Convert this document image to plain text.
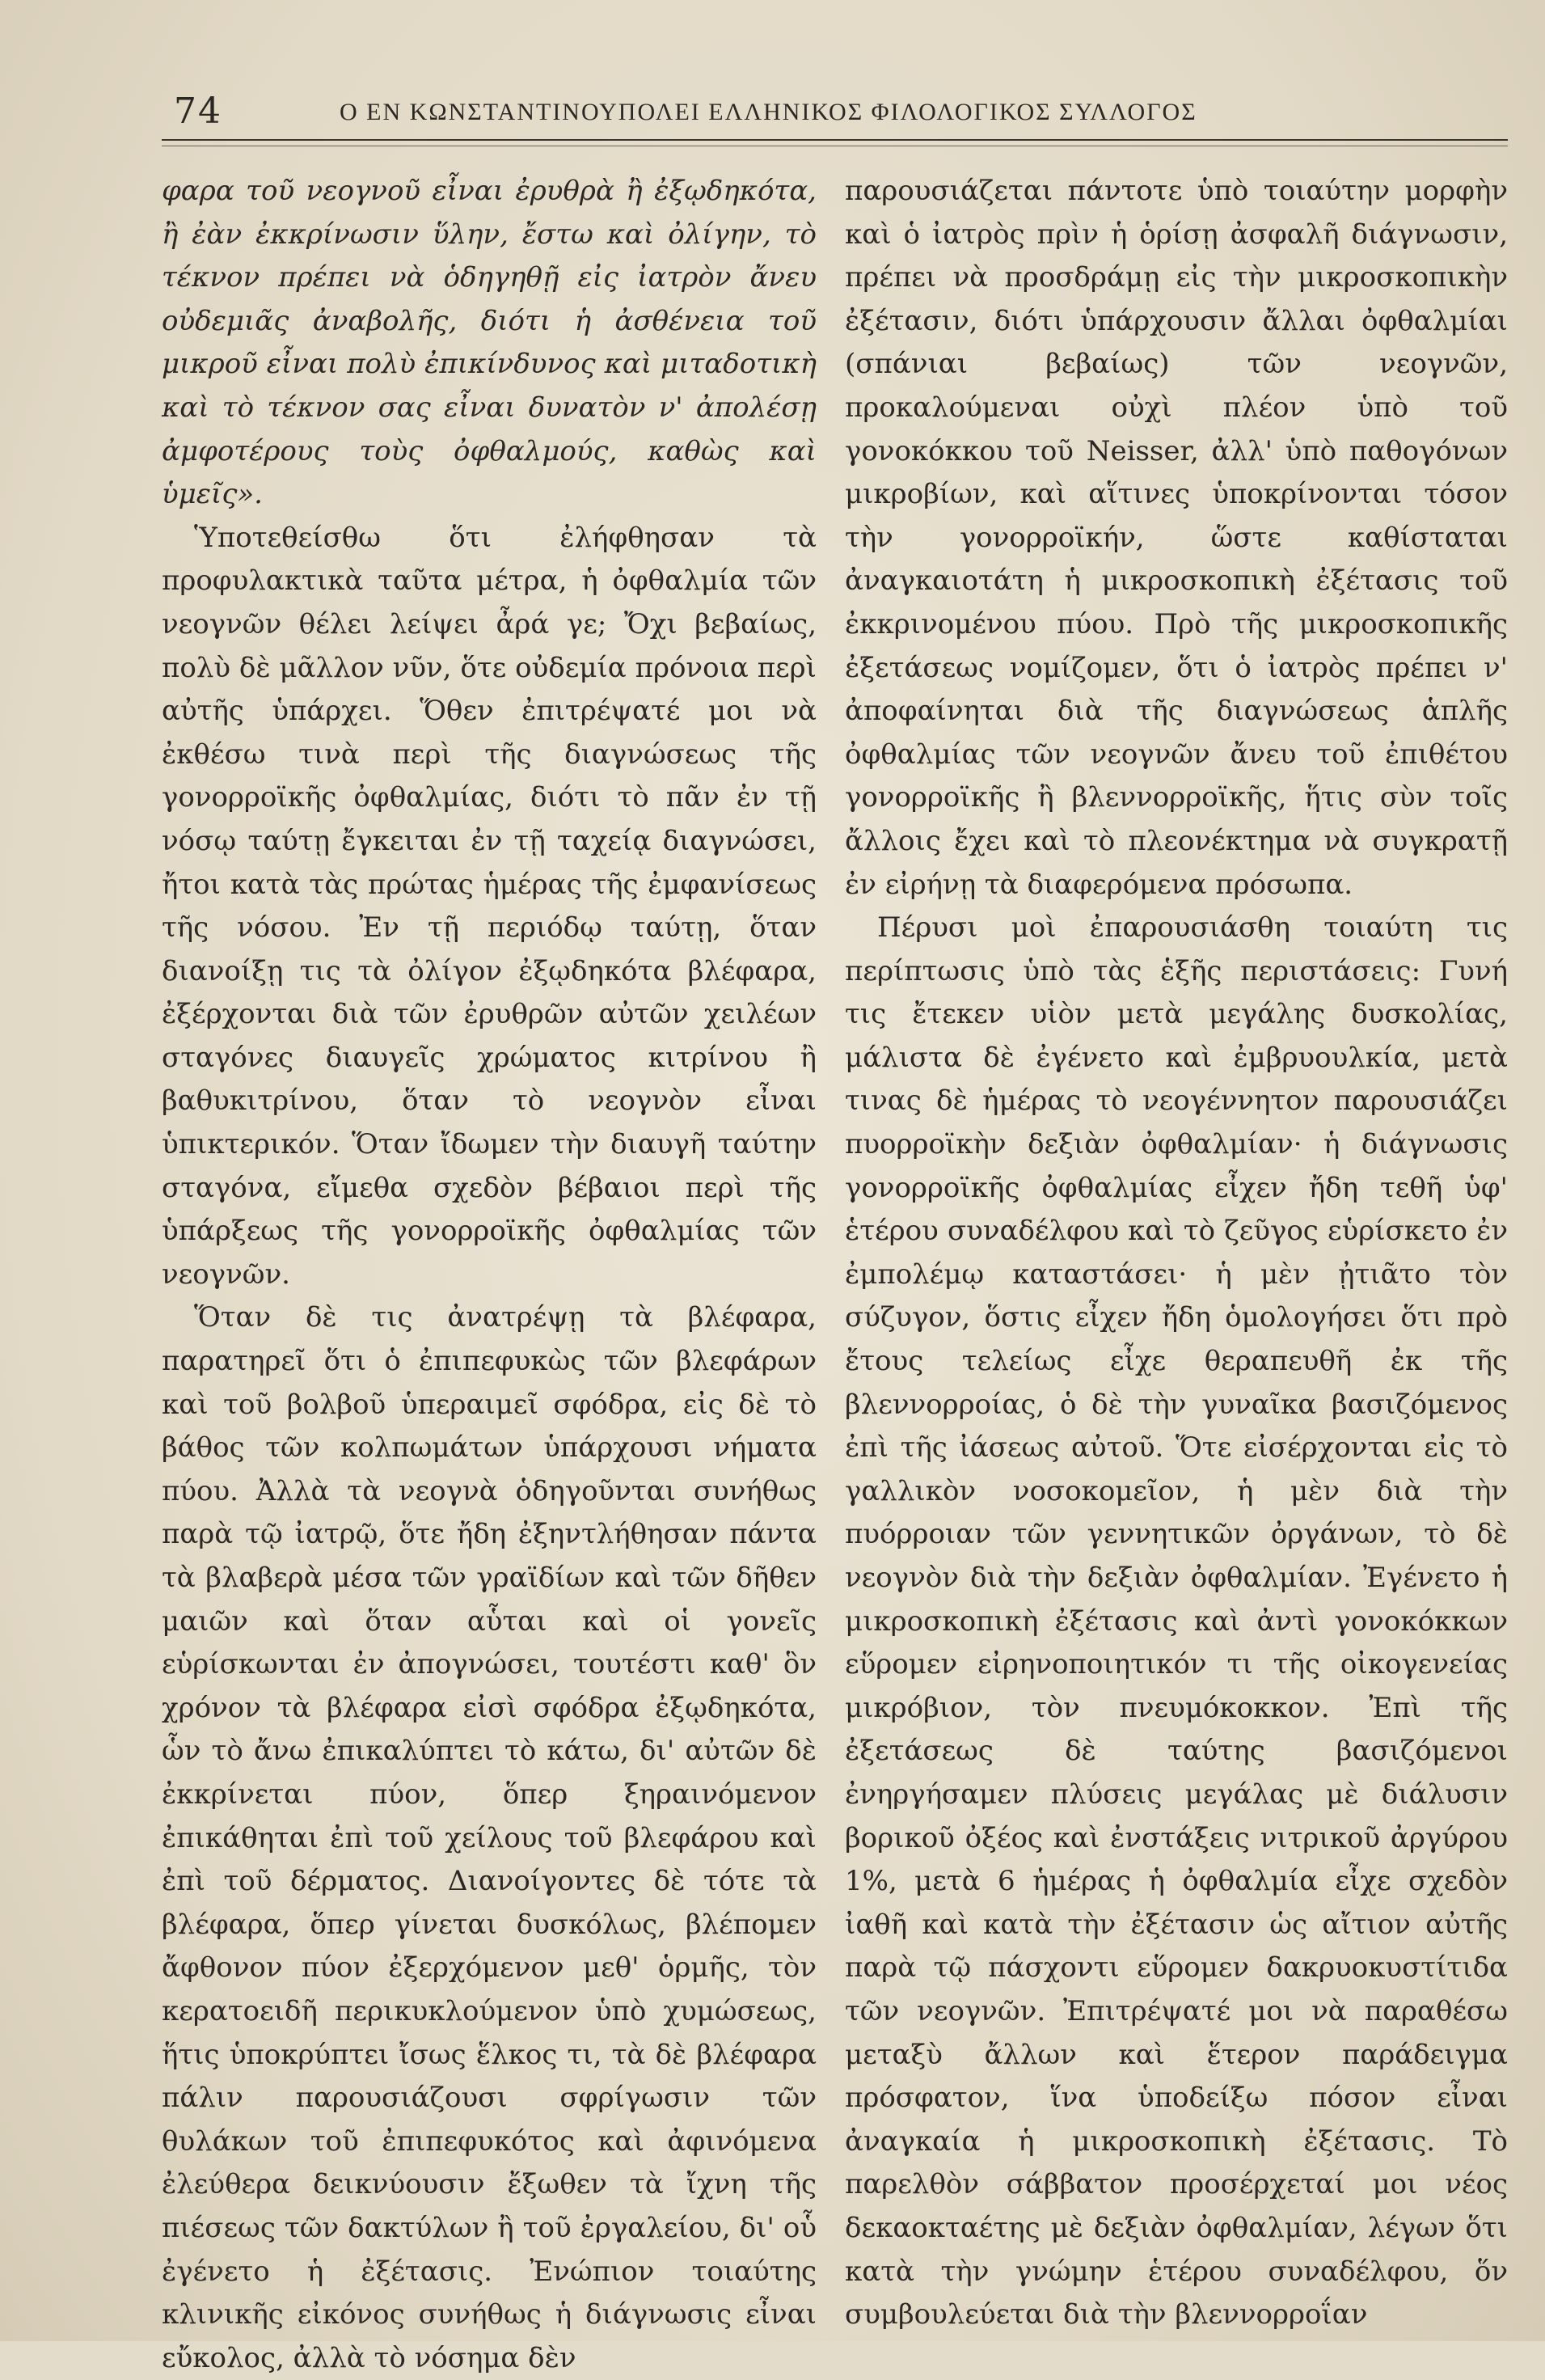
74	Ο ΕΝ ΚΩΝΣΤΑΝΤΙΝΟΥΠΟΛΕΙ ΕΛΛΗΝΙΚΟΣ ΦΙΛΟΛΟΓΙΚΟΣ ΣΥΛΛΟΓΟΣ

φαρα τοῦ νεογνοῦ εἶναι ἐρυθρὰ ἢ ἐξῳδηκότα, ἢ ἐὰν ἐκκρίνωσιν ὕλην, ἔστω καὶ ὀλίγην, τὸ τέκνον πρέπει νὰ ὁδηγηθῇ εἰς ἰατρὸν ἄνευ οὐδεμιᾶς ἀναβολῆς, διότι ἡ ἀσθένεια τοῦ μικροῦ εἶναι πολὺ ἐπικίνδυνος καὶ μιταδοτικὴ καὶ τὸ τέκνον σας εἶναι δυνατὸν ν' ἀπολέσῃ ἀμφοτέρους τοὺς ὀφθαλμούς, καθὼς καὶ ὑμεῖς».

Ὑποτεθείσθω ὅτι ἐλήφθησαν τὰ προφυλακτικὰ ταῦτα μέτρα, ἡ ὀφθαλμία τῶν νεογνῶν θέλει λείψει ἆρά γε; Ὄχι βεβαίως, πολὺ δὲ μᾶλλον νῦν, ὅτε οὐδεμία πρόνοια περὶ αὐτῆς ὑπάρχει. Ὅθεν ἐπιτρέψατέ μοι νὰ ἐκθέσω τινὰ περὶ τῆς διαγνώσεως τῆς γονορροϊκῆς ὀφθαλμίας, διότι τὸ πᾶν ἐν τῇ νόσῳ ταύτῃ ἔγκειται ἐν τῇ ταχείᾳ διαγνώσει, ἤτοι κατὰ τὰς πρώτας ἡμέρας τῆς ἐμφανίσεως τῆς νόσου. Ἐν τῇ περιόδῳ ταύτῃ, ὅταν διανοίξῃ τις τὰ ὀλίγον ἐξῳδηκότα βλέφαρα, ἐξέρχονται διὰ τῶν ἐρυθρῶν αὐτῶν χειλέων σταγόνες διαυγεῖς χρώματος κιτρίνου ἢ βαθυκιτρίνου, ὅταν τὸ νεογνὸν εἶναι ὑπικτερικόν. Ὅταν ἴδωμεν τὴν διαυγῆ ταύτην σταγόνα, εἴμεθα σχεδὸν βέβαιοι περὶ τῆς ὑπάρξεως τῆς γονορροϊκῆς ὀφθαλμίας τῶν νεογνῶν.

Ὅταν δὲ τις ἀνατρέψῃ τὰ βλέφαρα, παρατηρεῖ ὅτι ὁ ἐπιπεφυκὼς τῶν βλεφάρων καὶ τοῦ βολβοῦ ὑπεραιμεῖ σφόδρα, εἰς δὲ τὸ βάθος τῶν κολπωμάτων ὑπάρχουσι νήματα πύου. Ἀλλὰ τὰ νεογνὰ ὁδηγοῦνται συνήθως παρὰ τῷ ἰατρῷ, ὅτε ἤδη ἐξηντλήθησαν πάντα τὰ βλαβερὰ μέσα τῶν γραϊδίων καὶ τῶν δῆθεν μαιῶν καὶ ὅταν αὗται καὶ οἱ γονεῖς εὑρίσκωνται ἐν ἀπογνώσει, τουτέστι καθ' ὃν χρόνον τὰ βλέφαρα εἰσὶ σφόδρα ἐξῳδηκότα, ὧν τὸ ἄνω ἐπικαλύπτει τὸ κάτω, δι' αὐτῶν δὲ ἐκκρίνεται πύον, ὅπερ ξηραινόμενον ἐπικάθηται ἐπὶ τοῦ χείλους τοῦ βλεφάρου καὶ ἐπὶ τοῦ δέρματος. Διανοίγοντες δὲ τότε τὰ βλέφαρα, ὅπερ γίνεται δυσκόλως, βλέπομεν ἄφθονον πύον ἐξερχόμενον μεθ' ὁρμῆς, τὸν κερατοειδῆ περικυκλούμενον ὑπὸ χυμώσεως, ἥτις ὑποκρύπτει ἴσως ἕλκος τι, τὰ δὲ βλέφαρα πάλιν παρουσιάζουσι σφρίγωσιν τῶν θυλάκων τοῦ ἐπιπεφυκότος καὶ ἀφινόμενα ἐλεύθερα δεικνύουσιν ἔξωθεν τὰ ἴχνη τῆς πιέσεως τῶν δακτύλων ἢ τοῦ ἐργαλείου, δι' οὗ ἐγένετο ἡ ἐξέτασις. Ἐνώπιον τοιαύτης κλινικῆς εἰκόνος συνήθως ἡ διάγνωσις εἶναι εὔκολος, ἀλλὰ τὸ νόσημα δὲν

παρουσιάζεται πάντοτε ὑπὸ τοιαύτην μορφὴν καὶ ὁ ἰατρὸς πρὶν ἡ ὁρίσῃ ἀσφαλῆ διάγνωσιν, πρέπει νὰ προσδράμῃ εἰς τὴν μικροσκοπικὴν ἐξέτασιν, διότι ὑπάρχουσιν ἄλλαι ὀφθαλμίαι (σπάνιαι βεβαίως) τῶν νεογνῶν, προκαλούμεναι οὐχὶ πλέον ὑπὸ τοῦ γονοκόκκου τοῦ Neisser, ἀλλ' ὑπὸ παθογόνων μικροβίων, καὶ αἵτινες ὑποκρίνονται τόσον τὴν γονορροϊκήν, ὥστε καθίσταται ἀναγκαιοτάτη ἡ μικροσκοπικὴ ἐξέτασις τοῦ ἐκκρινομένου πύου. Πρὸ τῆς μικροσκοπικῆς ἐξετάσεως νομίζομεν, ὅτι ὁ ἰατρὸς πρέπει ν' ἀποφαίνηται διὰ τῆς διαγνώσεως ἁπλῆς ὀφθαλμίας τῶν νεογνῶν ἄνευ τοῦ ἐπιθέτου γονορροϊκῆς ἢ βλεννορροϊκῆς, ἥτις σὺν τοῖς ἄλλοις ἔχει καὶ τὸ πλεονέκτημα νὰ συγκρατῇ ἐν εἰρήνῃ τὰ διαφερόμενα πρόσωπα.

Πέρυσι μοὶ ἐπαρουσιάσθη τοιαύτη τις περίπτωσις ὑπὸ τὰς ἑξῆς περιστάσεις: Γυνή τις ἔτεκεν υἱὸν μετὰ μεγάλης δυσκολίας, μάλιστα δὲ ἐγένετο καὶ ἐμβρυουλκία, μετὰ τινας δὲ ἡμέρας τὸ νεογέννητον παρουσιάζει πυορροϊκὴν δεξιὰν ὀφθαλμίαν· ἡ διάγνωσις γονορροϊκῆς ὀφθαλμίας εἶχεν ἤδη τεθῆ ὑφ' ἑτέρου συναδέλφου καὶ τὸ ζεῦγος εὑρίσκετο ἐν ἐμπολέμῳ καταστάσει· ἡ μὲν ᾐτιᾶτο τὸν σύζυγον, ὅστις εἶχεν ἤδη ὁμολογήσει ὅτι πρὸ ἔτους τελείως εἶχε θεραπευθῆ ἐκ τῆς βλεννορροίας, ὁ δὲ τὴν γυναῖκα βασιζόμενος ἐπὶ τῆς ἰάσεως αὐτοῦ. Ὅτε εἰσέρχονται εἰς τὸ γαλλικὸν νοσοκομεῖον, ἡ μὲν διὰ τὴν πυόρροιαν τῶν γεννητικῶν ὀργάνων, τὸ δὲ νεογνὸν διὰ τὴν δεξιὰν ὀφθαλμίαν. Ἐγένετο ἡ μικροσκοπικὴ ἐξέτασις καὶ ἀντὶ γονοκόκκων εὕρομεν εἰρηνοποιητικόν τι τῆς οἰκογενείας μικρόβιον, τὸν πνευμόκοκκον. Ἐπὶ τῆς ἐξετάσεως δὲ ταύτης βασιζόμενοι ἐνηργήσαμεν πλύσεις μεγάλας μὲ διάλυσιν βορικοῦ ὀξέος καὶ ἐνστάξεις νιτρικοῦ ἀργύρου 1%, μετὰ 6 ἡμέρας ἡ ὀφθαλμία εἶχε σχεδὸν ἰαθῆ καὶ κατὰ τὴν ἐξέτασιν ὡς αἴτιον αὐτῆς παρὰ τῷ πάσχοντι εὕρομεν δακρυοκυστίτιδα τῶν νεογνῶν. Ἐπιτρέψατέ μοι νὰ παραθέσω μεταξὺ ἄλλων καὶ ἕτερον παράδειγμα πρόσφατον, ἵνα ὑποδείξω πόσον εἶναι ἀναγκαία ἡ μικροσκοπικὴ ἐξέτασις. Τὸ παρελθὸν σάββατον προσέρχεταί μοι νέος δεκαοκταέτης μὲ δεξιὰν ὀφθαλμίαν, λέγων ὅτι κατὰ τὴν γνώμην ἑτέρου συναδέλφου, ὅν συμβουλεύεται διὰ τὴν βλεννορροΐαν
